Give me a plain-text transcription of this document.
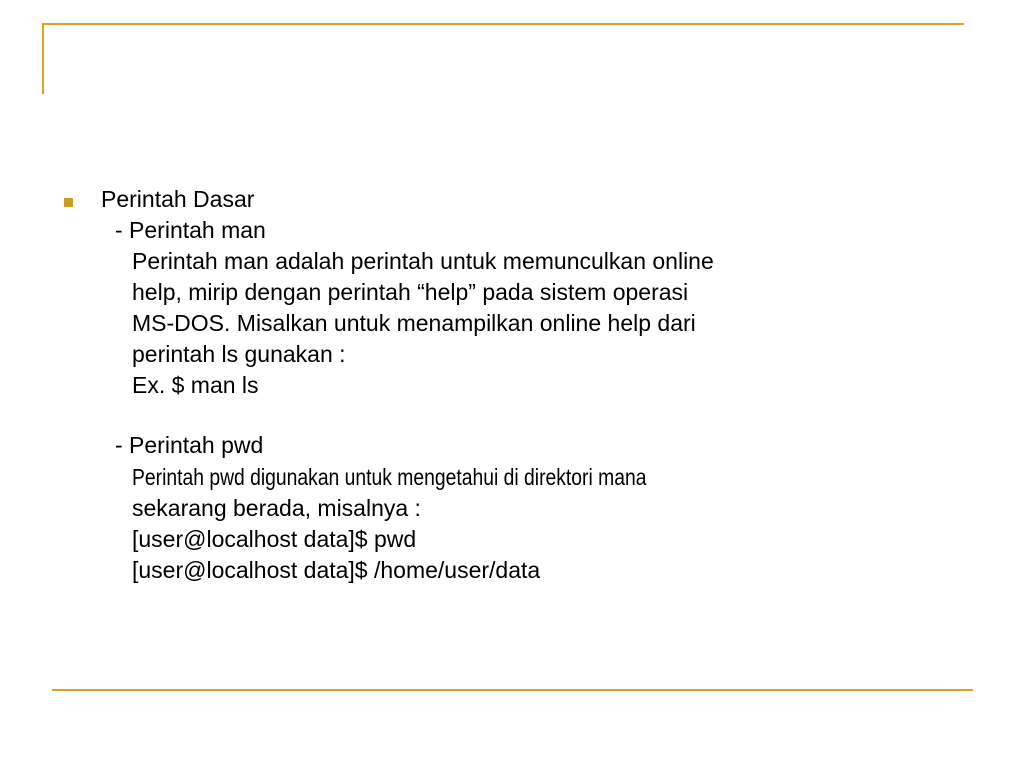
Perintah Dasar
- Perintah man
Perintah man adalah perintah untuk memunculkan online
help, mirip dengan perintah “help” pada sistem operasi
MS-DOS. Misalkan untuk menampilkan online help dari
perintah ls gunakan :
Ex. $ man ls
- Perintah pwd
Perintah pwd digunakan untuk mengetahui di direktori mana
sekarang berada, misalnya :
[user@localhost data]$ pwd
[user@localhost data]$ /home/user/data
